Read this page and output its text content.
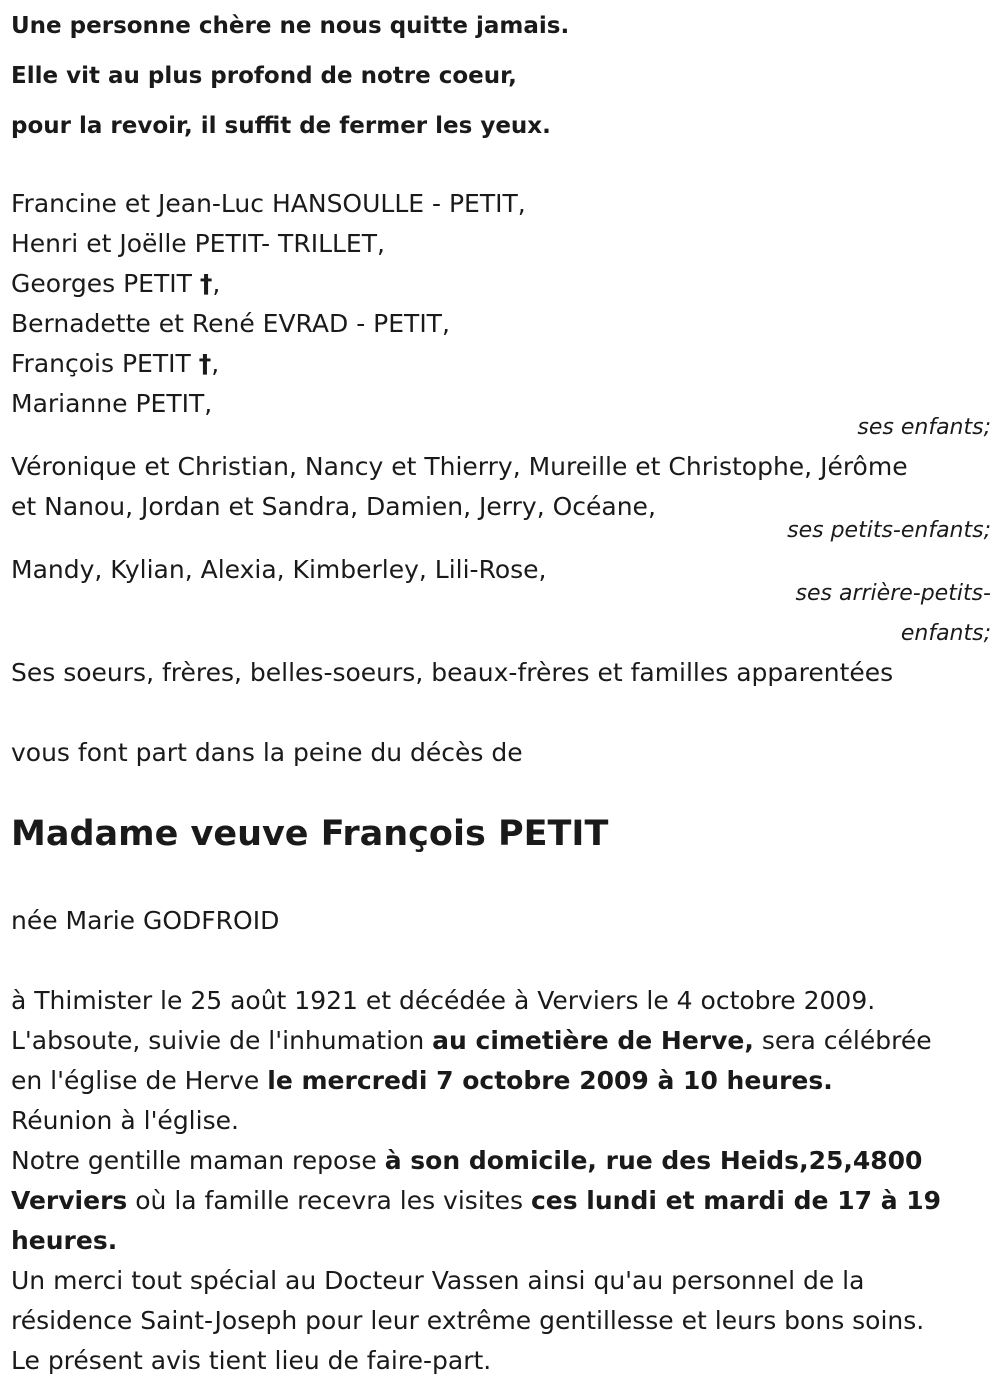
Une personne chère ne nous quitte jamais.
Elle vit au plus profond de notre coeur,
pour la revoir, il suffit de fermer les yeux.
Francine et Jean-Luc HANSOULLE - PETIT,
Henri et Joëlle PETIT- TRILLET,
Georges PETIT †,
Bernadette et René EVRAD - PETIT,
François PETIT †,
Marianne PETIT,
ses enfants;
Véronique et Christian, Nancy et Thierry, Mureille et Christophe, Jérôme
et Nanou, Jordan et Sandra, Damien, Jerry, Océane,
ses petits-enfants;
Mandy, Kylian, Alexia, Kimberley, Lili-Rose,
ses arrière-petits-
enfants;
Ses soeurs, frères, belles-soeurs, beaux-frères et familles apparentées
vous font part dans la peine du décès de
Madame veuve François PETIT
née Marie GODFROID
à Thimister le 25 août 1921 et décédée à Verviers le 4 octobre 2009.
L'absoute, suivie de l'inhumation au cimetière de Herve, sera célébrée
en l'église de Herve le mercredi 7 octobre 2009 à 10 heures.
Réunion à l'église.
Notre gentille maman repose à son domicile, rue des Heids,25,4800
Verviers où la famille recevra les visites ces lundi et mardi de 17 à 19
heures.
Un merci tout spécial au Docteur Vassen ainsi qu'au personnel de la
résidence Saint-Joseph pour leur extrême gentillesse et leurs bons soins.
Le présent avis tient lieu de faire-part.
